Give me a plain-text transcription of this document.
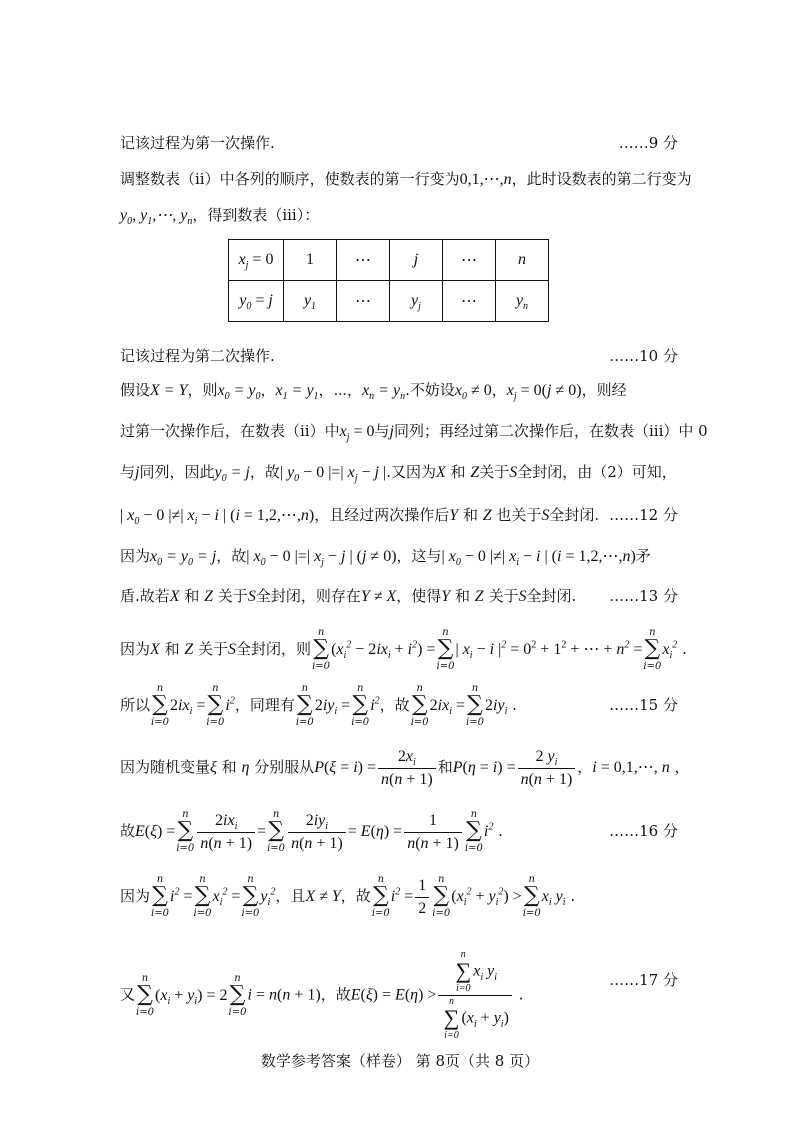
记该过程为第一次操作.	……9 分
调整数表（ii）中各列的顺序，使数表的第一行变为0,1,⋯,n，此时设数表的第二行变为
$y_0$, $y_1,\cdots$, $y_n$，得到数表（iii）：
$x_j = 0$	1	⋯	j	⋯	n
$y_0 = j$	$y_1$	⋯	$y_j$	⋯	$y_n$
记该过程为第二次操作.	……10 分
假设X = Y，则$x_0 = y_0$，$x_1 = y_1$，⋯，$x_n = y_n$.不妨设$x_0 \ne 0$，$x_j = 0(j \ne 0)$，则经
过第一次操作后，在数表（ii）中$x_j = 0$与j同列；再经过第二次操作后，在数表（iii）中 0
与j同列，因此$y_0 = j$，故| $y_0 - 0$ |=| $x_j - j$ |.又因为X 和 Z关于S全封闭，由（2）可知，
| $x_0 - 0$ |≠| $x_i - i$ | (i = 1,2,⋯,n)，且经过两次操作后Y 和 Z 也关于S全封闭. ……12 分
因为$x_0 = y_0 = j$，故| $x_0 - 0$ |=| $x_j - j$ | (j ≠ 0)，这与| $x_0 - 0$ |≠| $x_i - i$ | (i = 1,2,⋯,n)矛
盾.故若X 和 Z 关于S全封闭，则存在Y ≠ X，使得Y 和 Z 关于S全封闭. ……13 分
因为X 和 Z 关于S全封闭，则
n
∑
i=0
$(x_i^2 - 2ix_i + i^2)$ =
n
∑
i=0
| $x_i - i$ $|^2 = 0^2 + 1^2$ + ⋯ + $n^2$ =
n
∑
i=0
$x_i^2$ .
所以
n
∑
i=0
$2ix_i$ =
n
∑
i=0
$i^2$，同理有
n
∑
i=0
$2iy_i$ =
n
∑
i=0
$i^2$，故
n
∑
i=0
$2ix_i$ =
n
∑
i=0
$2iy_i$ .	……15 分
因为随机变量ξ 和 η 分别服从$P(\xi = i) = \frac{2x_i}{n(n + 1)}$ 和$P(\eta = i) = \frac{2 y_i}{n(n + 1)}$ ，i = 0,1,⋯, n ，
故E(ξ) =
n
∑
i=0
$2ix_i$
n(n + 1)
=
n
∑
i=0
$2iy_i$
n(n + 1)
= $E(\eta) = \frac{1}{n(n + 1)}$ n
∑
i=0
$i^2$ .	……16 分
因为
n
∑
i=0
$i^2$ =
n
∑
i=0
$x_i^2$ =
n
∑
i=0
$y_i^2$，且X ≠ Y，故
n
∑
i=0
$i^2 = \frac{1}{2}$ n
∑
i=0
$(x_i^2 + y_i^2)$ >
n
∑
i=0
$x_i$ $y_i$ .
又
n
∑
i=0
$(x_i + y_i) = 2$
n
∑
i=0
i = n(n + 1)，故E(ξ) = E(η) > n
∑
i=0
$x_i$ $y_i$
n
∑
i=0
$(x_i + y_i)$ .
……17 分
数学参考答案（样卷） 第 8页（共 8 页）
